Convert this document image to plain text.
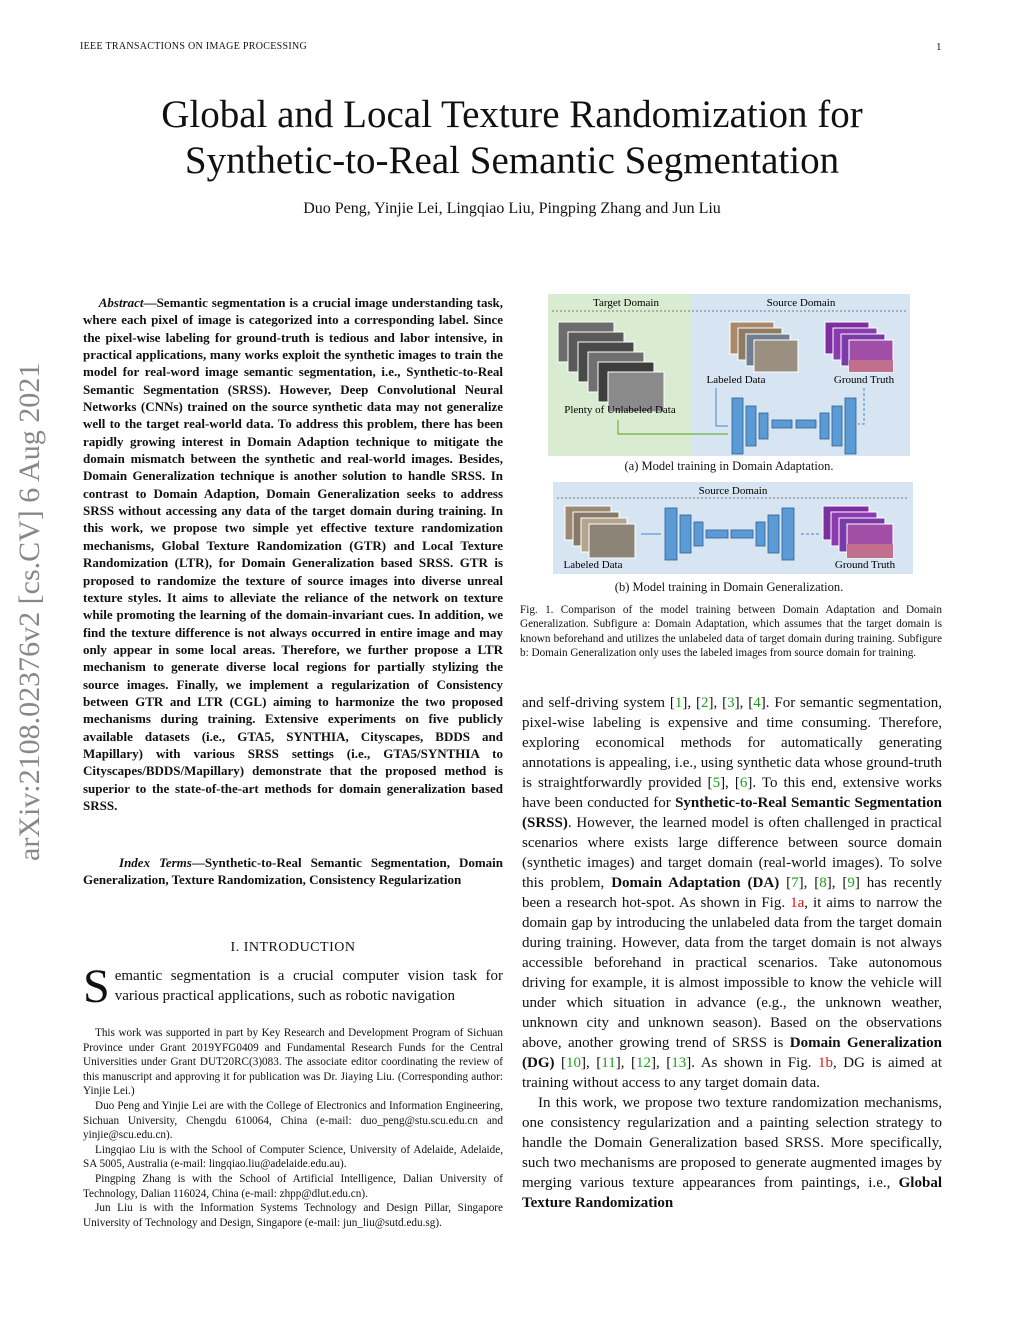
IEEE TRANSACTIONS ON IMAGE PROCESSING	1
Global and Local Texture Randomization for
Synthetic-to-Real Semantic Segmentation
Duo Peng, Yinjie Lei, Lingqiao Liu, Pingping Zhang and Jun Liu
arXiv:2108.02376v2 [cs.CV] 6 Aug 2021
Abstract—Semantic segmentation is a crucial image understanding task, where each pixel of image is categorized into a corresponding label. Since the pixel-wise labeling for ground-truth is tedious and labor intensive, in practical applications, many works exploit the synthetic images to train the model for real-word image semantic segmentation, i.e., Synthetic-to-Real Semantic Segmentation (SRSS). However, Deep Convolutional Neural Networks (CNNs) trained on the source synthetic data may not generalize well to the target real-world data. To address this problem, there has been rapidly growing interest in Domain Adaption technique to mitigate the domain mismatch between the synthetic and real-world images. Besides, Domain Generalization technique is another solution to handle SRSS. In contrast to Domain Adaption, Domain Generalization seeks to address SRSS without accessing any data of the target domain during training. In this work, we propose two simple yet effective texture randomization mechanisms, Global Texture Randomization (GTR) and Local Texture Randomization (LTR), for Domain Generalization based SRSS. GTR is proposed to randomize the texture of source images into diverse unreal texture styles. It aims to alleviate the reliance of the network on texture while promoting the learning of the domain-invariant cues. In addition, we find the texture difference is not always occurred in entire image and may only appear in some local areas. Therefore, we further propose a LTR mechanism to generate diverse local regions for partially stylizing the source images. Finally, we implement a regularization of Consistency between GTR and LTR (CGL) aiming to harmonize the two proposed mechanisms during training. Extensive experiments on five publicly available datasets (i.e., GTA5, SYNTHIA, Cityscapes, BDDS and Mapillary) with various SRSS settings (i.e., GTA5/SYNTHIA to Cityscapes/BDDS/Mapillary) demonstrate that the proposed method is superior to the state-of-the-art methods for domain generalization based SRSS.
Index Terms—Synthetic-to-Real Semantic Segmentation, Domain Generalization, Texture Randomization, Consistency Regularization
I. INTRODUCTION
Semantic segmentation is a crucial computer vision task for various practical applications, such as robotic navigation

This work was supported in part by Key Research and Development Program of Sichuan Province under Grant 2019YFG0409 and Fundamental Research Funds for the Central Universities under Grant DUT20RC(3)083. The associate editor coordinating the review of this manuscript and approving it for publication was Dr. Jiaying Liu. (Corresponding author: Yinjie Lei.)

Duo Peng and Yinjie Lei are with the College of Electronics and Information Engineering, Sichuan University, Chengdu 610064, China (e-mail: duo_peng@stu.scu.edu.cn and yinjie@scu.edu.cn).

Lingqiao Liu is with the School of Computer Science, University of Adelaide, Adelaide, SA 5005, Australia (e-mail: lingqiao.liu@adelaide.edu.au).

Pingping Zhang is with the School of Artificial Intelligence, Dalian University of Technology, Dalian 116024, China (e-mail: zhpp@dlut.edu.cn).

Jun Liu is with the Information Systems Technology and Design Pillar, Singapore University of Technology and Design, Singapore (e-mail: jun_liu@sutd.edu.sg).

Target Domain	Source Domain
Labeled Data	Ground Truth
Plenty of Unlabeled Data
(a) Model training in Domain Adaptation.
Source Domain
Labeled Data	Ground Truth
(b) Model training in Domain Generalization.
Fig. 1. Comparison of the model training between Domain Adaptation and Domain Generalization. Subfigure a: Domain Adaptation, which assumes that the target domain is known beforehand and utilizes the unlabeled data of target domain during training. Subfigure b: Domain Generalization only uses the labeled images from source domain for training.

and self-driving system [1], [2], [3], [4]. For semantic segmentation, pixel-wise labeling is expensive and time consuming. Therefore, exploring economical methods for automatically generating annotations is appealing, i.e., using synthetic data whose ground-truth is straightforwardly provided [5], [6]. To this end, extensive works have been conducted for Synthetic-to-Real Semantic Segmentation (SRSS). However, the learned model is often challenged in practical scenarios where exists large difference between source domain (synthetic images) and target domain (real-world images). To solve this problem, Domain Adaptation (DA) [7], [8], [9] has recently been a research hot-spot. As shown in Fig. 1a, it aims to narrow the domain gap by introducing the unlabeled data from the target domain during training. However, data from the target domain is not always accessible beforehand in practical scenarios. Take autonomous driving for example, it is almost impossible to know the vehicle will under which situation in advance (e.g., the unknown weather, unknown city and unknown season). Based on the observations above, another growing trend of SRSS is Domain Generalization (DG) [10], [11], [12], [13]. As shown in Fig. 1b, DG is aimed at training without access to any target domain data.

In this work, we propose two texture randomization mechanisms, one consistency regularization and a painting selection strategy to handle the Domain Generalization based SRSS. More specifically, such two mechanisms are proposed to generate augmented images by merging various texture appearances from paintings, i.e., Global Texture Randomization
